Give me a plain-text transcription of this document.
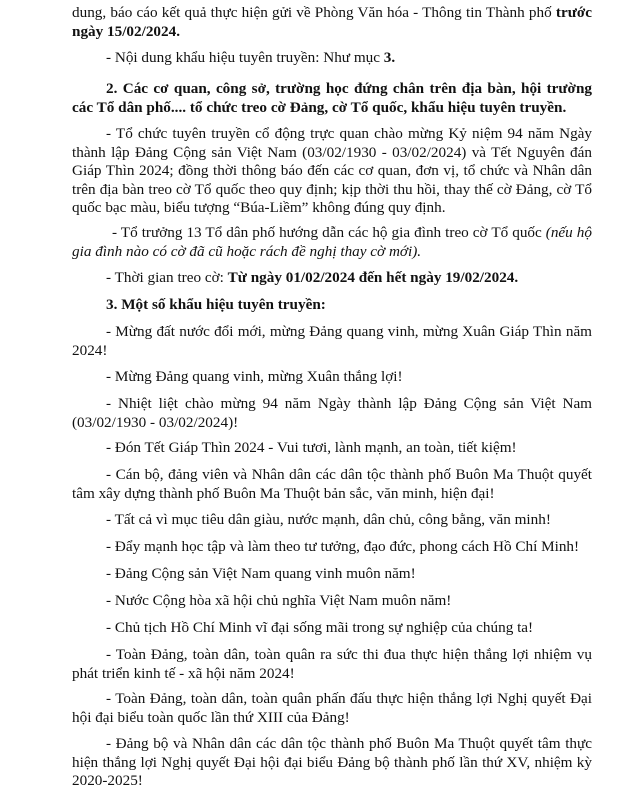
dung, báo cáo kết quả thực hiện gửi về Phòng Văn hóa - Thông tin Thành phố trước ngày 15/02/2024.

- Nội dung khẩu hiệu tuyên truyền: Như mục 3.

2. Các cơ quan, công sở, trường học đứng chân trên địa bàn, hội trường các Tổ dân phố.... tổ chức treo cờ Đảng, cờ Tổ quốc, khẩu hiệu tuyên truyền.

- Tổ chức tuyên truyền cổ động trực quan chào mừng Kỷ niệm 94 năm Ngày thành lập Đảng Cộng sản Việt Nam (03/02/1930 - 03/02/2024) và Tết Nguyên đán Giáp Thìn 2024; đồng thời thông báo đến các cơ quan, đơn vị, tổ chức và Nhân dân trên địa bàn treo cờ Tổ quốc theo quy định; kịp thời thu hồi, thay thế cờ Đảng, cờ Tổ quốc bạc màu, biểu tượng “Búa-Liềm” không đúng quy định.

- Tổ trưởng 13 Tổ dân phố hướng dẫn các hộ gia đình treo cờ Tổ quốc (nếu hộ gia đình nào có cờ đã cũ hoặc rách đề nghị thay cờ mới).

- Thời gian treo cờ: Từ ngày 01/02/2024 đến hết ngày 19/02/2024.

3. Một số khẩu hiệu tuyên truyền:

- Mừng đất nước đổi mới, mừng Đảng quang vinh, mừng Xuân Giáp Thìn năm 2024!

- Mừng Đảng quang vinh, mừng Xuân thắng lợi!

- Nhiệt liệt chào mừng 94 năm Ngày thành lập Đảng Cộng sản Việt Nam (03/02/1930 - 03/02/2024)!

- Đón Tết Giáp Thìn 2024 - Vui tươi, lành mạnh, an toàn, tiết kiệm!

- Cán bộ, đảng viên và Nhân dân các dân tộc thành phố Buôn Ma Thuột quyết tâm xây dựng thành phố Buôn Ma Thuột bản sắc, văn minh, hiện đại!

- Tất cả vì mục tiêu dân giàu, nước mạnh, dân chủ, công bằng, văn minh!

- Đẩy mạnh học tập và làm theo tư tưởng, đạo đức, phong cách Hồ Chí Minh!

- Đảng Cộng sản Việt Nam quang vinh muôn năm!

- Nước Cộng hòa xã hội chủ nghĩa Việt Nam muôn năm!

- Chủ tịch Hồ Chí Minh vĩ đại sống mãi trong sự nghiệp của chúng ta!

- Toàn Đảng, toàn dân, toàn quân ra sức thi đua thực hiện thắng lợi nhiệm vụ phát triển kinh tế - xã hội năm 2024!

- Toàn Đảng, toàn dân, toàn quân phấn đấu thực hiện thắng lợi Nghị quyết Đại hội đại biểu toàn quốc lần thứ XIII của Đảng!

- Đảng bộ và Nhân dân các dân tộc thành phố Buôn Ma Thuột quyết tâm thực hiện thắng lợi Nghị quyết Đại hội đại biểu Đảng bộ thành phố lần thứ XV, nhiệm kỳ 2020-2025!
